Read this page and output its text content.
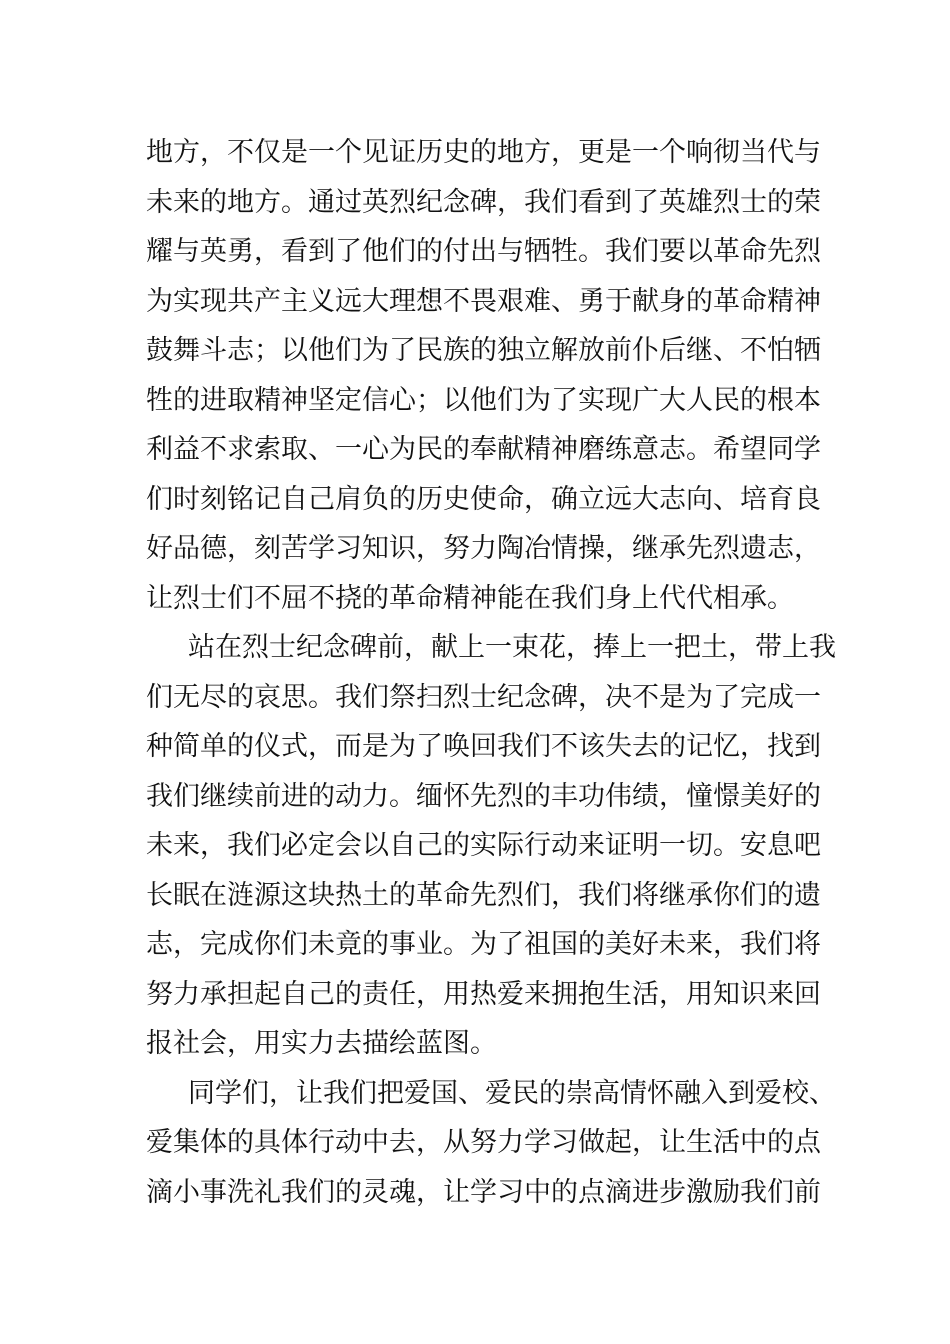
地方，不仅是一个见证历史的地方，更是一个响彻当代与
未来的地方。通过英烈纪念碑，我们看到了英雄烈士的荣
耀与英勇，看到了他们的付出与牺牲。我们要以革命先烈
为实现共产主义远大理想不畏艰难、勇于献身的革命精神
鼓舞斗志；以他们为了民族的独立解放前仆后继、不怕牺
牲的进取精神坚定信心；以他们为了实现广大人民的根本
利益不求索取、一心为民的奉献精神磨练意志。希望同学
们时刻铭记自己肩负的历史使命，确立远大志向、培育良
好品德，刻苦学习知识，努力陶冶情操，继承先烈遗志，
让烈士们不屈不挠的革命精神能在我们身上代代相承。
站在烈士纪念碑前，献上一束花，捧上一把土，带上我
们无尽的哀思。我们祭扫烈士纪念碑，决不是为了完成一
种简单的仪式，而是为了唤回我们不该失去的记忆，找到
我们继续前进的动力。缅怀先烈的丰功伟绩，憧憬美好的
未来，我们必定会以自己的实际行动来证明一切。安息吧
长眠在涟源这块热土的革命先烈们，我们将继承你们的遗
志，完成你们未竟的事业。为了祖国的美好未来，我们将
努力承担起自己的责任，用热爱来拥抱生活，用知识来回
报社会，用实力去描绘蓝图。
同学们，让我们把爱国、爱民的崇高情怀融入到爱校、
爱集体的具体行动中去，从努力学习做起，让生活中的点
滴小事洗礼我们的灵魂，让学习中的点滴进步激励我们前
